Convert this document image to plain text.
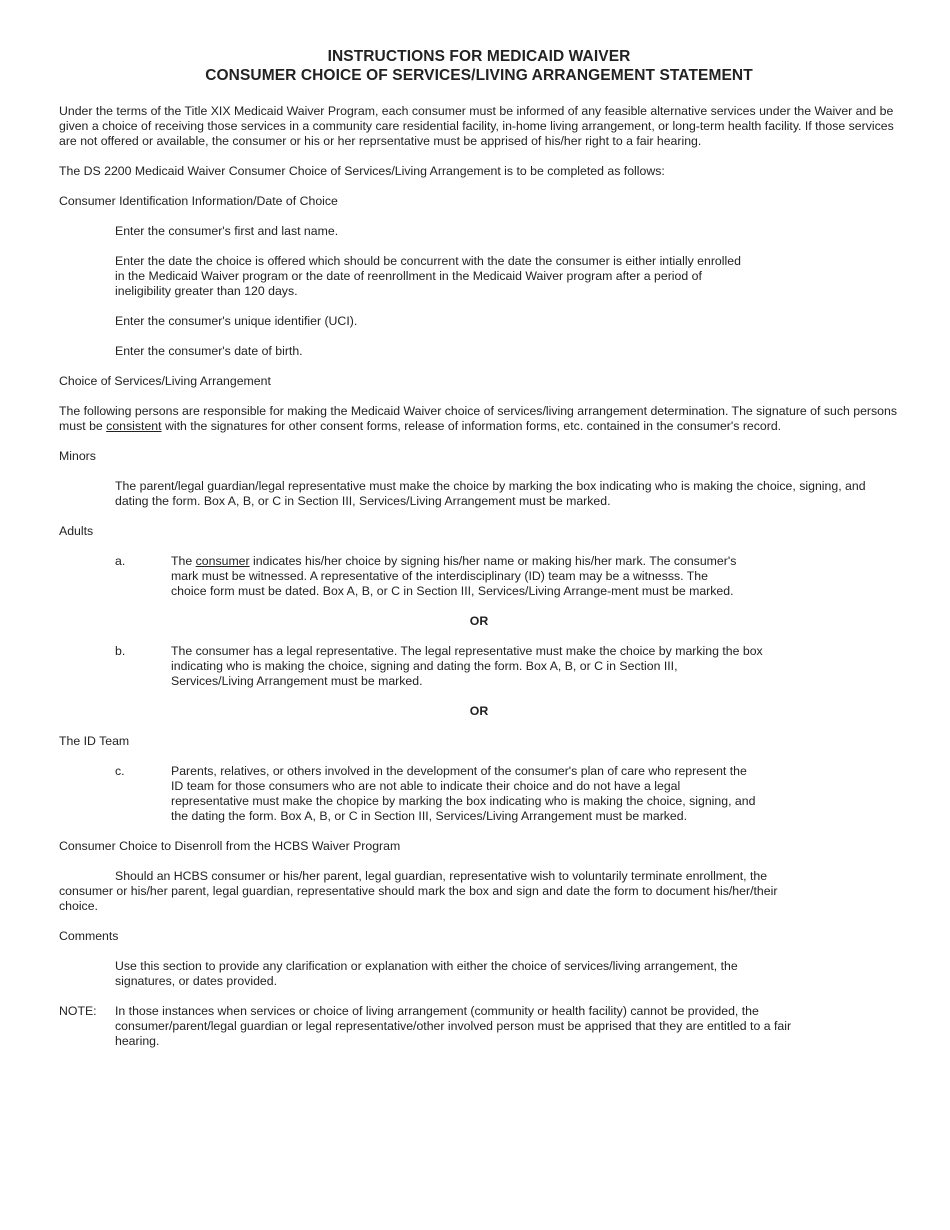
INSTRUCTIONS FOR MEDICAID WAIVER
CONSUMER CHOICE OF SERVICES/LIVING ARRANGEMENT STATEMENT

Under the terms of the Title XIX Medicaid Waiver Program, each consumer must be informed of any feasible alternative services under the Waiver and be given a choice of receiving those services in a community care residential facility, in-home living arrangement, or long-term health facility. If those services are not offered or available, the consumer or his or her reprsentative must be apprised of his/her right to a fair hearing.

The DS 2200 Medicaid Waiver Consumer Choice of Services/Living Arrangement is to be completed as follows:

Consumer Identification Information/Date of Choice

Enter the consumer's first and last name.

Enter the date the choice is offered which should be concurrent with the date the consumer is either intially enrolled in the Medicaid Waiver program or the date of reenrollment in the Medicaid Waiver program after a period of ineligibility greater than 120 days.

Enter the consumer's unique identifier (UCI).

Enter the consumer's date of birth.

Choice of Services/Living Arrangement

The following persons are responsible for making the Medicaid Waiver choice of services/living arrangement determination. The signature of such persons must be consistent with the signatures for other consent forms, release of information forms, etc. contained in the consumer's record.

Minors

The parent/legal guardian/legal representative must make the choice by marking the box indicating who is making the choice, signing, and dating the form. Box A, B, or C in Section III, Services/Living Arrangement must be marked.

Adults

a.	The consumer indicates his/her choice by signing his/her name or making his/her mark. The consumer's mark must be witnessed. A representative of the interdisciplinary (ID) team may be a witnesss. The choice form must be dated. Box A, B, or C in Section III, Services/Living Arrange-ment must be marked.

OR

b.	The consumer has a legal representative. The legal representative must make the choice by marking the box indicating who is making the choice, signing and dating the form. Box A, B, or C in Section III, Services/Living Arrangement must be marked.

OR

The ID Team

c.	Parents, relatives, or others involved in the development of the consumer's plan of care who represent the ID team for those consumers who are not able to indicate their choice and do not have a legal representative must make the chopice by marking the box indicating who is making the choice, signing, and the dating the form. Box A, B, or C in Section III, Services/Living Arrangement must be marked.

Consumer Choice to Disenroll from the HCBS Waiver Program

Should an HCBS consumer or his/her parent, legal guardian, representative wish to voluntarily terminate enrollment, the consumer or his/her parent, legal guardian, representative should mark the box and sign and date the form to document his/her/their choice.

Comments

Use this section to provide any clarification or explanation with either the choice of services/living arrangement, the signatures, or dates provided.

NOTE:	In those instances when services or choice of living arrangement (community or health facility) cannot be provided, the consumer/parent/legal guardian or legal representative/other involved person must be apprised that they are entitled to a fair hearing.
